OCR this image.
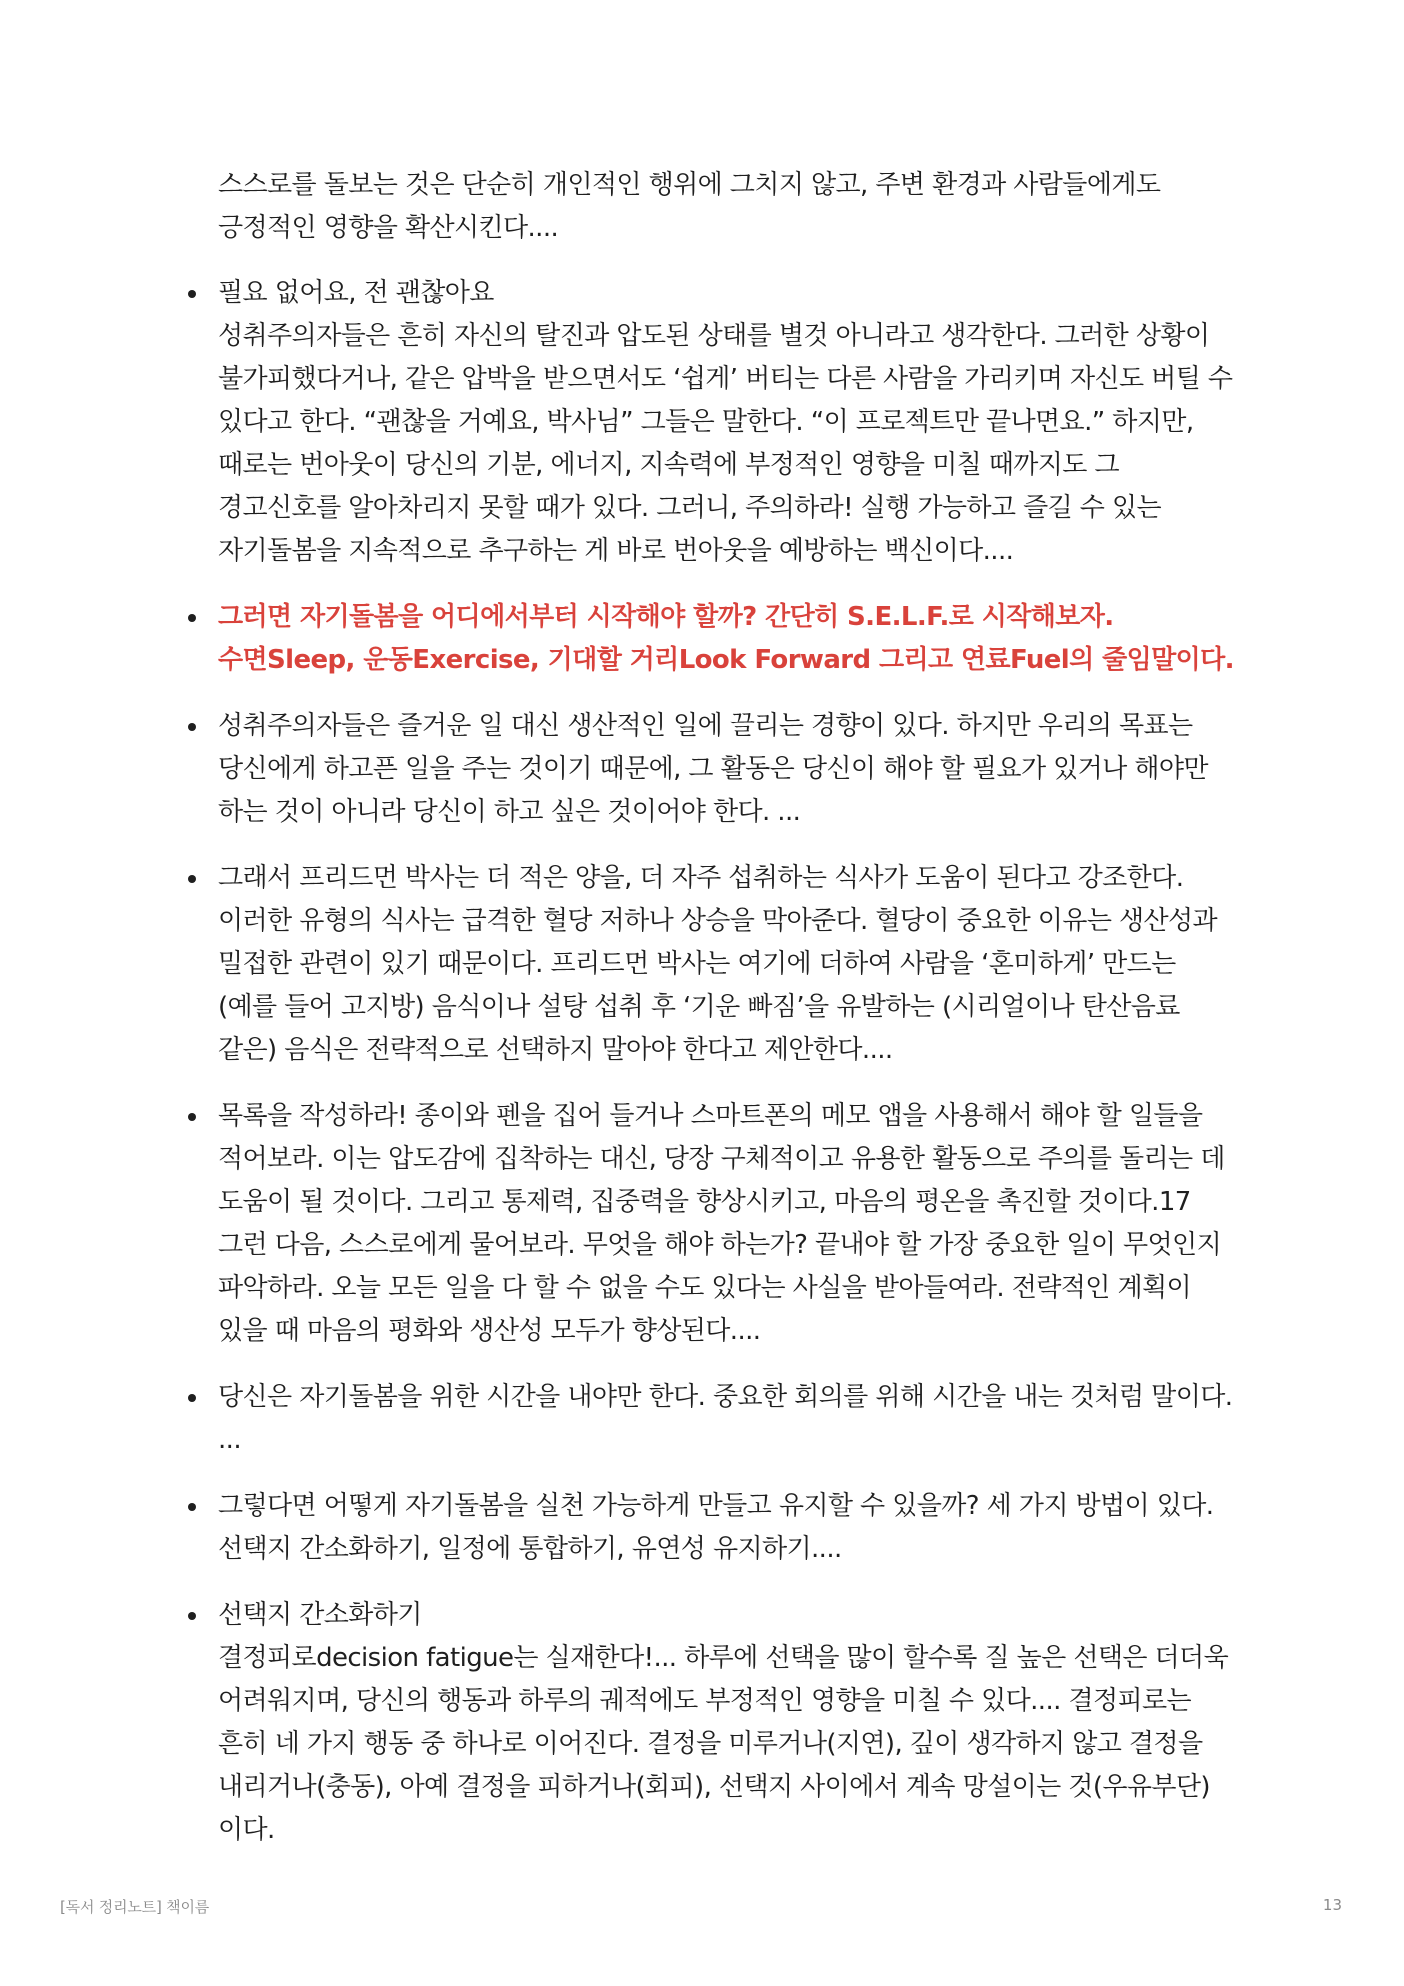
스스로를 돌보는 것은 단순히 개인적인 행위에 그치지 않고, 주변 환경과 사람들에게도 긍정적인 영향을 확산시킨다....

필요 없어요, 전 괜찮아요
성취주의자들은 흔히 자신의 탈진과 압도된 상태를 별것 아니라고 생각한다. 그러한 상황이 불가피했다거나, 같은 압박을 받으면서도 ‘쉽게’ 버티는 다른 사람을 가리키며 자신도 버틸 수 있다고 한다. “괜찮을 거예요, 박사님” 그들은 말한다. “이 프로젝트만 끝나면요.” 하지만, 때로는 번아웃이 당신의 기분, 에너지, 지속력에 부정적인 영향을 미칠 때까지도 그 경고신호를 알아차리지 못할 때가 있다. 그러니, 주의하라! 실행 가능하고 즐길 수 있는 자기돌봄을 지속적으로 추구하는 게 바로 번아웃을 예방하는 백신이다....
그러면 자기돌봄을 어디에서부터 시작해야 할까? 간단히 S.E.L.F.로 시작해보자. 수면Sleep, 운동Exercise, 기대할 거리Look Forward 그리고 연료Fuel의 줄임말이다.
성취주의자들은 즐거운 일 대신 생산적인 일에 끌리는 경향이 있다. 하지만 우리의 목표는 당신에게 하고픈 일을 주는 것이기 때문에, 그 활동은 당신이 해야 할 필요가 있거나 해야만 하는 것이 아니라 당신이 하고 싶은 것이어야 한다. ...
그래서 프리드먼 박사는 더 적은 양을, 더 자주 섭취하는 식사가 도움이 된다고 강조한다. 이러한 유형의 식사는 급격한 혈당 저하나 상승을 막아준다. 혈당이 중요한 이유는 생산성과 밀접한 관련이 있기 때문이다. 프리드먼 박사는 여기에 더하여 사람을 ‘혼미하게’ 만드는 (예를 들어 고지방) 음식이나 설탕 섭취 후 ‘기운 빠짐’을 유발하는 (시리얼이나 탄산음료 같은) 음식은 전략적으로 선택하지 말아야 한다고 제안한다....
목록을 작성하라! 종이와 펜을 집어 들거나 스마트폰의 메모 앱을 사용해서 해야 할 일들을 적어보라. 이는 압도감에 집착하는 대신, 당장 구체적이고 유용한 활동으로 주의를 돌리는 데 도움이 될 것이다. 그리고 통제력, 집중력을 향상시키고, 마음의 평온을 촉진할 것이다.17 그런 다음, 스스로에게 물어보라. 무엇을 해야 하는가? 끝내야 할 가장 중요한 일이 무엇인지 파악하라. 오늘 모든 일을 다 할 수 없을 수도 있다는 사실을 받아들여라. 전략적인 계획이 있을 때 마음의 평화와 생산성 모두가 향상된다....
당신은 자기돌봄을 위한 시간을 내야만 한다. 중요한 회의를 위해 시간을 내는 것처럼 말이다. ...
그렇다면 어떻게 자기돌봄을 실천 가능하게 만들고 유지할 수 있을까? 세 가지 방법이 있다. 선택지 간소화하기, 일정에 통합하기, 유연성 유지하기....
선택지 간소화하기
결정피로decision fatigue는 실재한다!... 하루에 선택을 많이 할수록 질 높은 선택은 더더욱 어려워지며, 당신의 행동과 하루의 궤적에도 부정적인 영향을 미칠 수 있다.... 결정피로는 흔히 네 가지 행동 중 하나로 이어진다. 결정을 미루거나(지연), 깊이 생각하지 않고 결정을 내리거나(충동), 아예 결정을 피하거나(회피), 선택지 사이에서 계속 망설이는 것(우유부단)이다.
[독서 정리노트] 책이름	13
